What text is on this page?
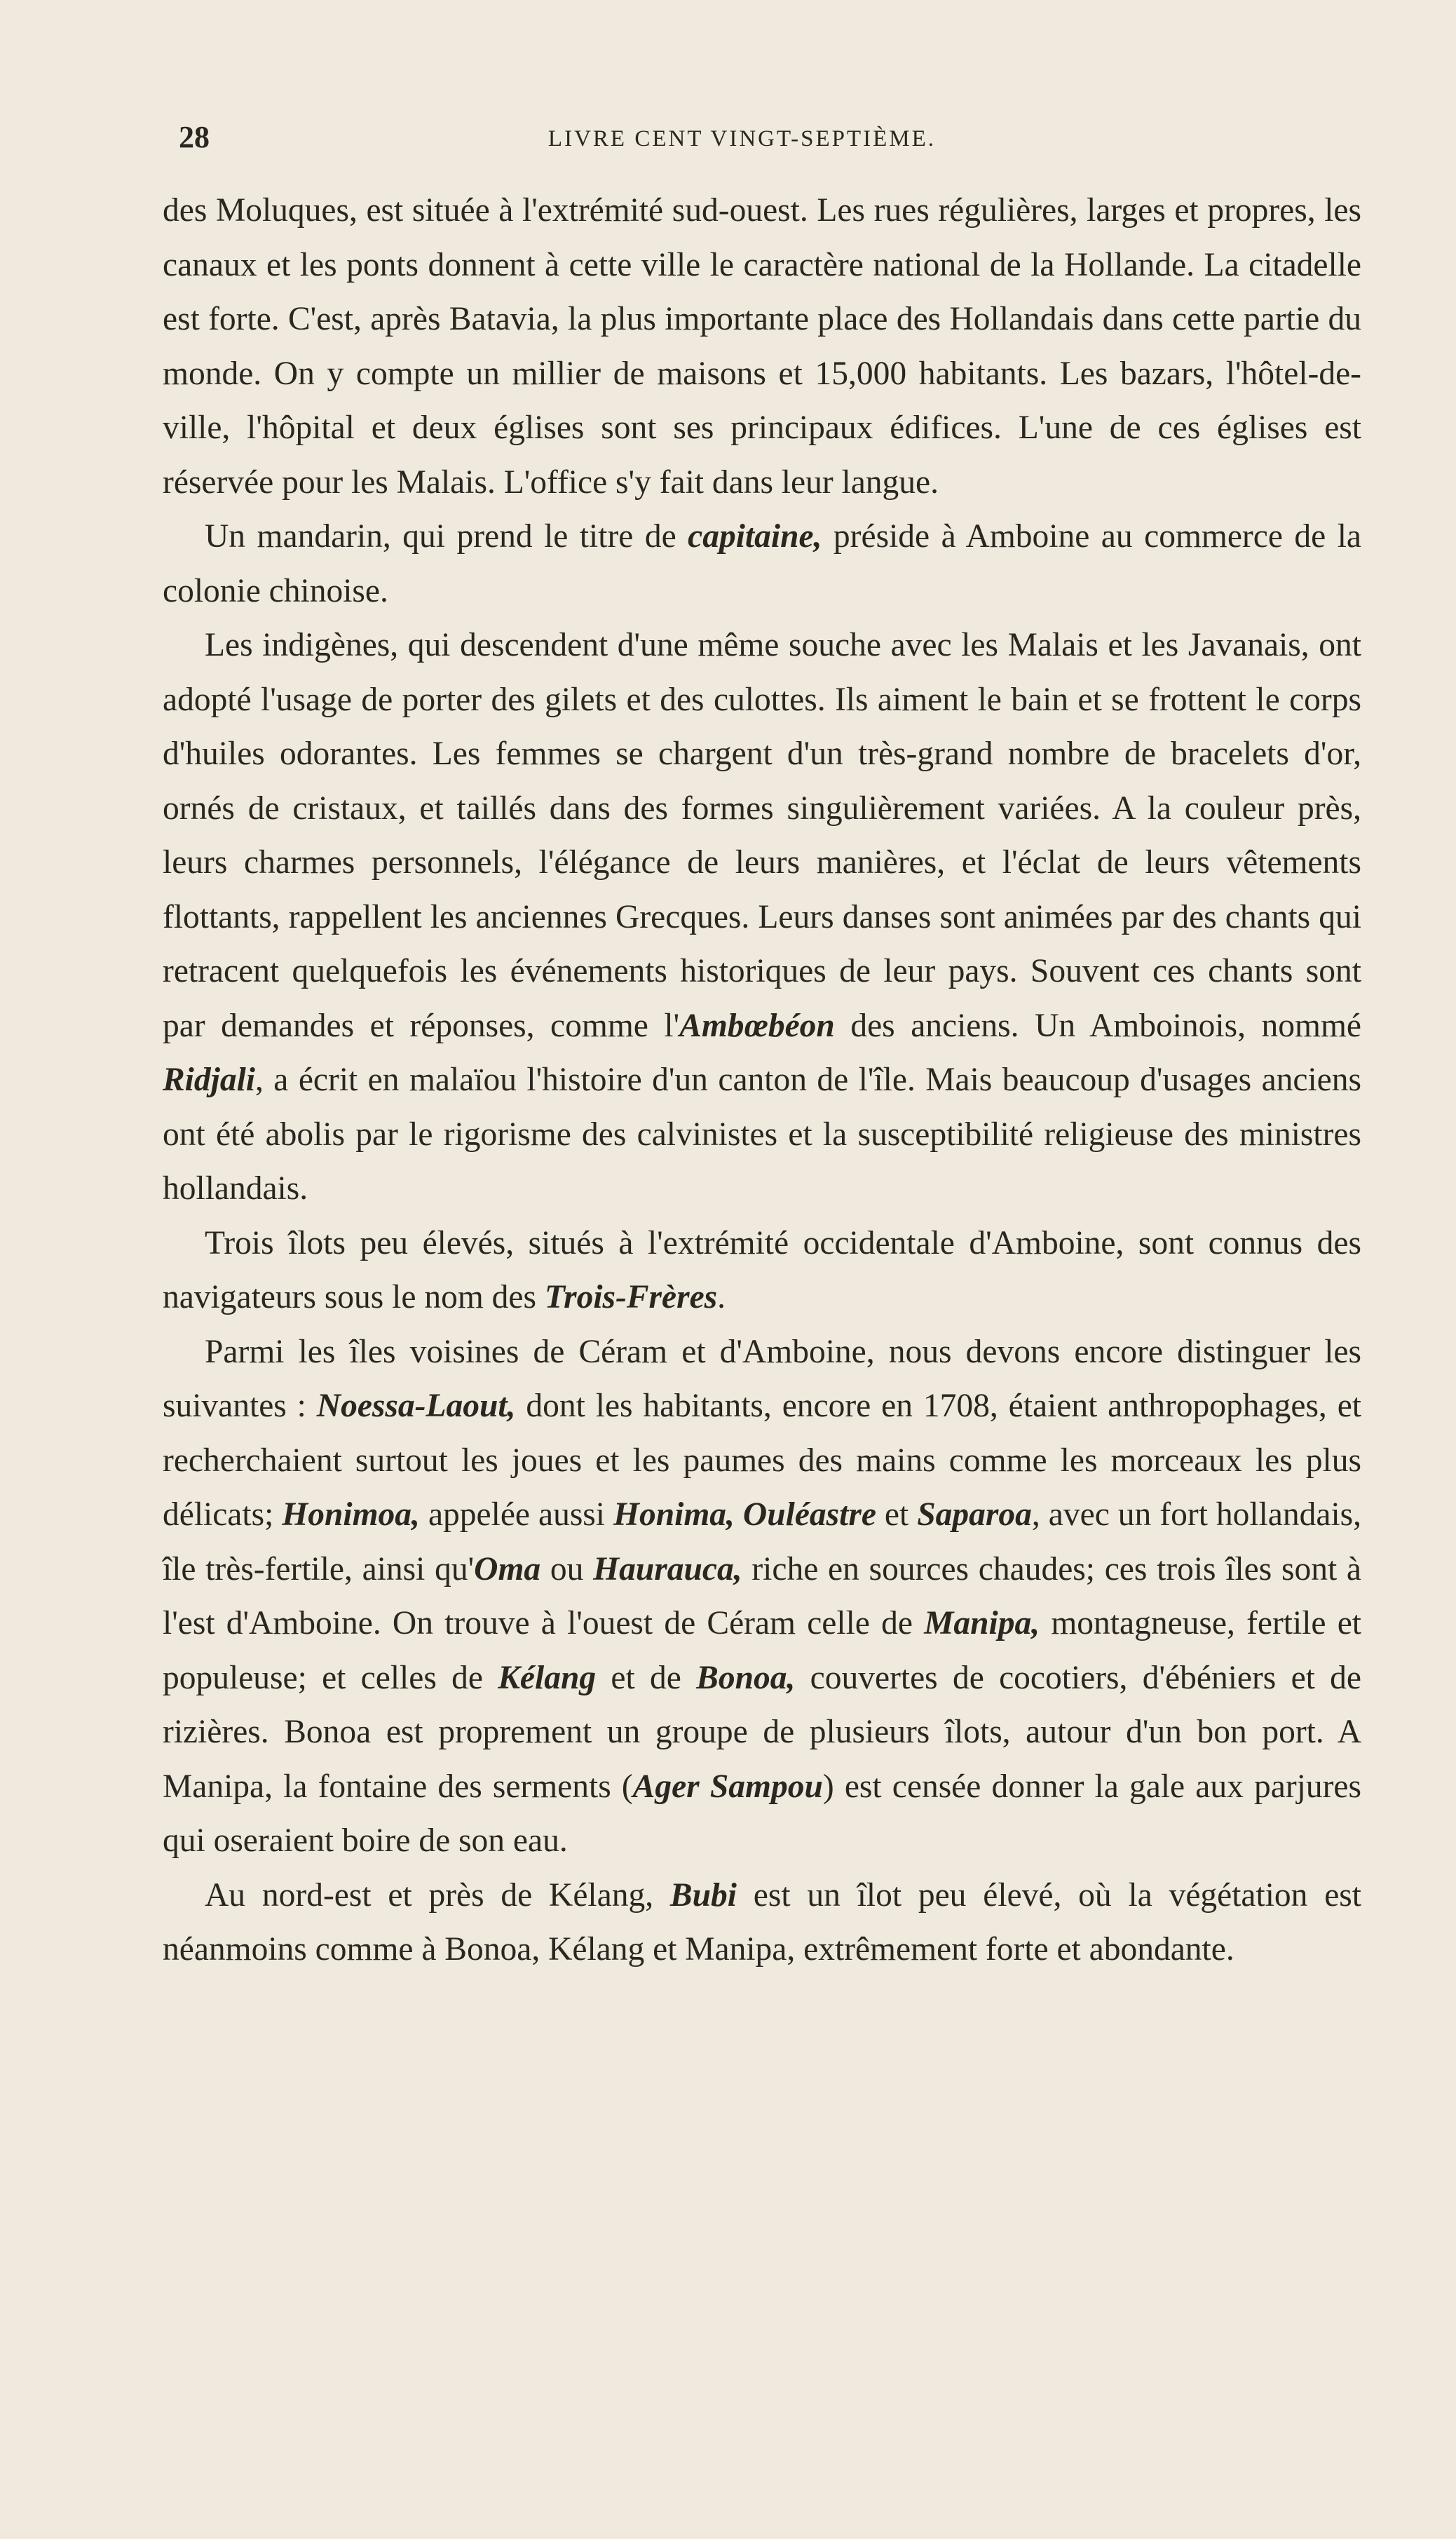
28	LIVRE CENT VINGT-SEPTIÈME.

des Moluques, est située à l'extrémité sud-ouest. Les rues régulières, larges et propres, les canaux et les ponts donnent à cette ville le caractère national de la Hollande. La citadelle est forte. C'est, après Batavia, la plus importante place des Hollandais dans cette partie du monde. On y compte un millier de maisons et 15,000 habitants. Les bazars, l'hôtel-de-ville, l'hôpital et deux églises sont ses principaux édifices. L'une de ces églises est réservée pour les Malais. L'office s'y fait dans leur langue.

Un mandarin, qui prend le titre de capitaine, préside à Amboine au commerce de la colonie chinoise.

Les indigènes, qui descendent d'une même souche avec les Malais et les Javanais, ont adopté l'usage de porter des gilets et des culottes. Ils aiment le bain et se frottent le corps d'huiles odorantes. Les femmes se chargent d'un très-grand nombre de bracelets d'or, ornés de cristaux, et taillés dans des formes singulièrement variées. A la couleur près, leurs charmes personnels, l'élégance de leurs manières, et l'éclat de leurs vêtements flottants, rappellent les anciennes Grecques. Leurs danses sont animées par des chants qui retracent quelquefois les événements historiques de leur pays. Souvent ces chants sont par demandes et réponses, comme l'Ambœbéon des anciens. Un Amboinois, nommé Ridjali, a écrit en malaïou l'histoire d'un canton de l'île. Mais beaucoup d'usages anciens ont été abolis par le rigorisme des calvinistes et la susceptibilité religieuse des ministres hollandais.

Trois îlots peu élevés, situés à l'extrémité occidentale d'Amboine, sont connus des navigateurs sous le nom des Trois-Frères.

Parmi les îles voisines de Céram et d'Amboine, nous devons encore distinguer les suivantes : Noessa-Laout, dont les habitants, encore en 1708, étaient anthropophages, et recherchaient surtout les joues et les paumes des mains comme les morceaux les plus délicats; Honimoa, appelée aussi Honima, Ouléastre et Saparoa, avec un fort hollandais, île très-fertile, ainsi qu'Oma ou Haurauca, riche en sources chaudes; ces trois îles sont à l'est d'Amboine. On trouve à l'ouest de Céram celle de Manipa, montagneuse, fertile et populeuse; et celles de Kélang et de Bonoa, couvertes de cocotiers, d'ébéniers et de rizières. Bonoa est proprement un groupe de plusieurs îlots, autour d'un bon port. A Manipa, la fontaine des serments (Ager Sampou) est censée donner la gale aux parjures qui oseraient boire de son eau.

Au nord-est et près de Kélang, Bubi est un îlot peu élevé, où la végétation est néanmoins comme à Bonoa, Kélang et Manipa, extrêmement forte et abondante.
